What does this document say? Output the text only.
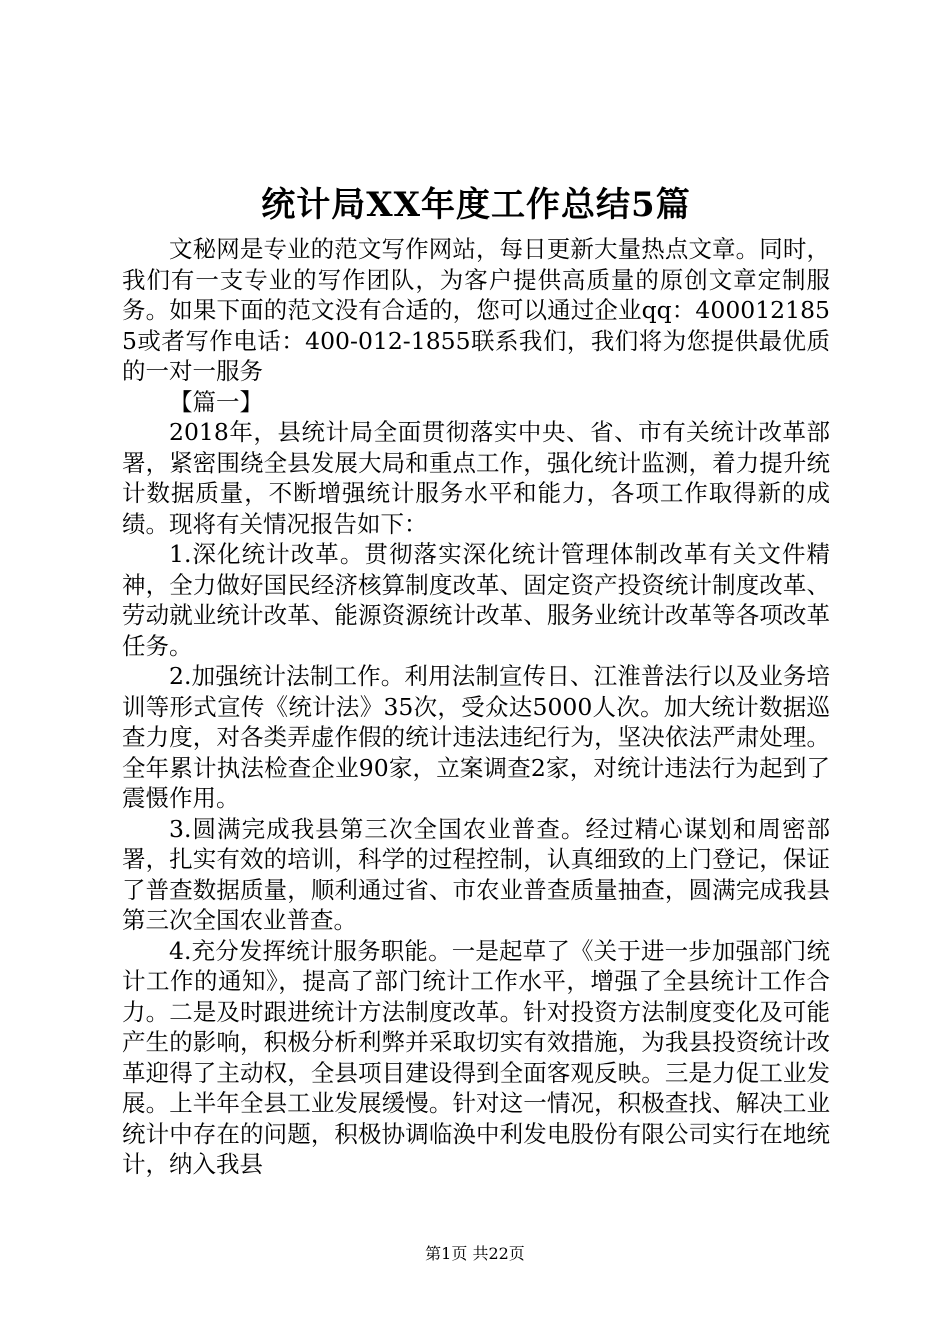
统计局XX年度工作总结5篇

文秘网是专业的范文写作网站，每日更新大量热点文章。同时，我们有一支专业的写作团队，为客户提供高质量的原创文章定制服务。如果下面的范文没有合适的，您可以通过企业qq：4000121855或者写作电话：400-012-1855联系我们，我们将为您提供最优质的一对一服务

【篇一】

2018年，县统计局全面贯彻落实中央、省、市有关统计改革部署，紧密围绕全县发展大局和重点工作，强化统计监测，着力提升统计数据质量，不断增强统计服务水平和能力，各项工作取得新的成绩。现将有关情况报告如下：

1.深化统计改革。贯彻落实深化统计管理体制改革有关文件精神，全力做好国民经济核算制度改革、固定资产投资统计制度改革、劳动就业统计改革、能源资源统计改革、服务业统计改革等各项改革任务。

2.加强统计法制工作。利用法制宣传日、江淮普法行以及业务培训等形式宣传《统计法》35次，受众达5000人次。加大统计数据巡查力度，对各类弄虚作假的统计违法违纪行为，坚决依法严肃处理。全年累计执法检查企业90家，立案调查2家，对统计违法行为起到了震慑作用。

3.圆满完成我县第三次全国农业普查。经过精心谋划和周密部署，扎实有效的培训，科学的过程控制，认真细致的上门登记，保证了普查数据质量，顺利通过省、市农业普查质量抽查，圆满完成我县第三次全国农业普查。

4.充分发挥统计服务职能。一是起草了《关于进一步加强部门统计工作的通知》，提高了部门统计工作水平，增强了全县统计工作合力。二是及时跟进统计方法制度改革。针对投资方法制度变化及可能产生的影响，积极分析利弊并采取切实有效措施，为我县投资统计改革迎得了主动权，全县项目建设得到全面客观反映。三是力促工业发展。上半年全县工业发展缓慢。针对这一情况，积极查找、解决工业统计中存在的问题，积极协调临涣中利发电股份有限公司实行在地统计，纳入我县

第1页 共22页
